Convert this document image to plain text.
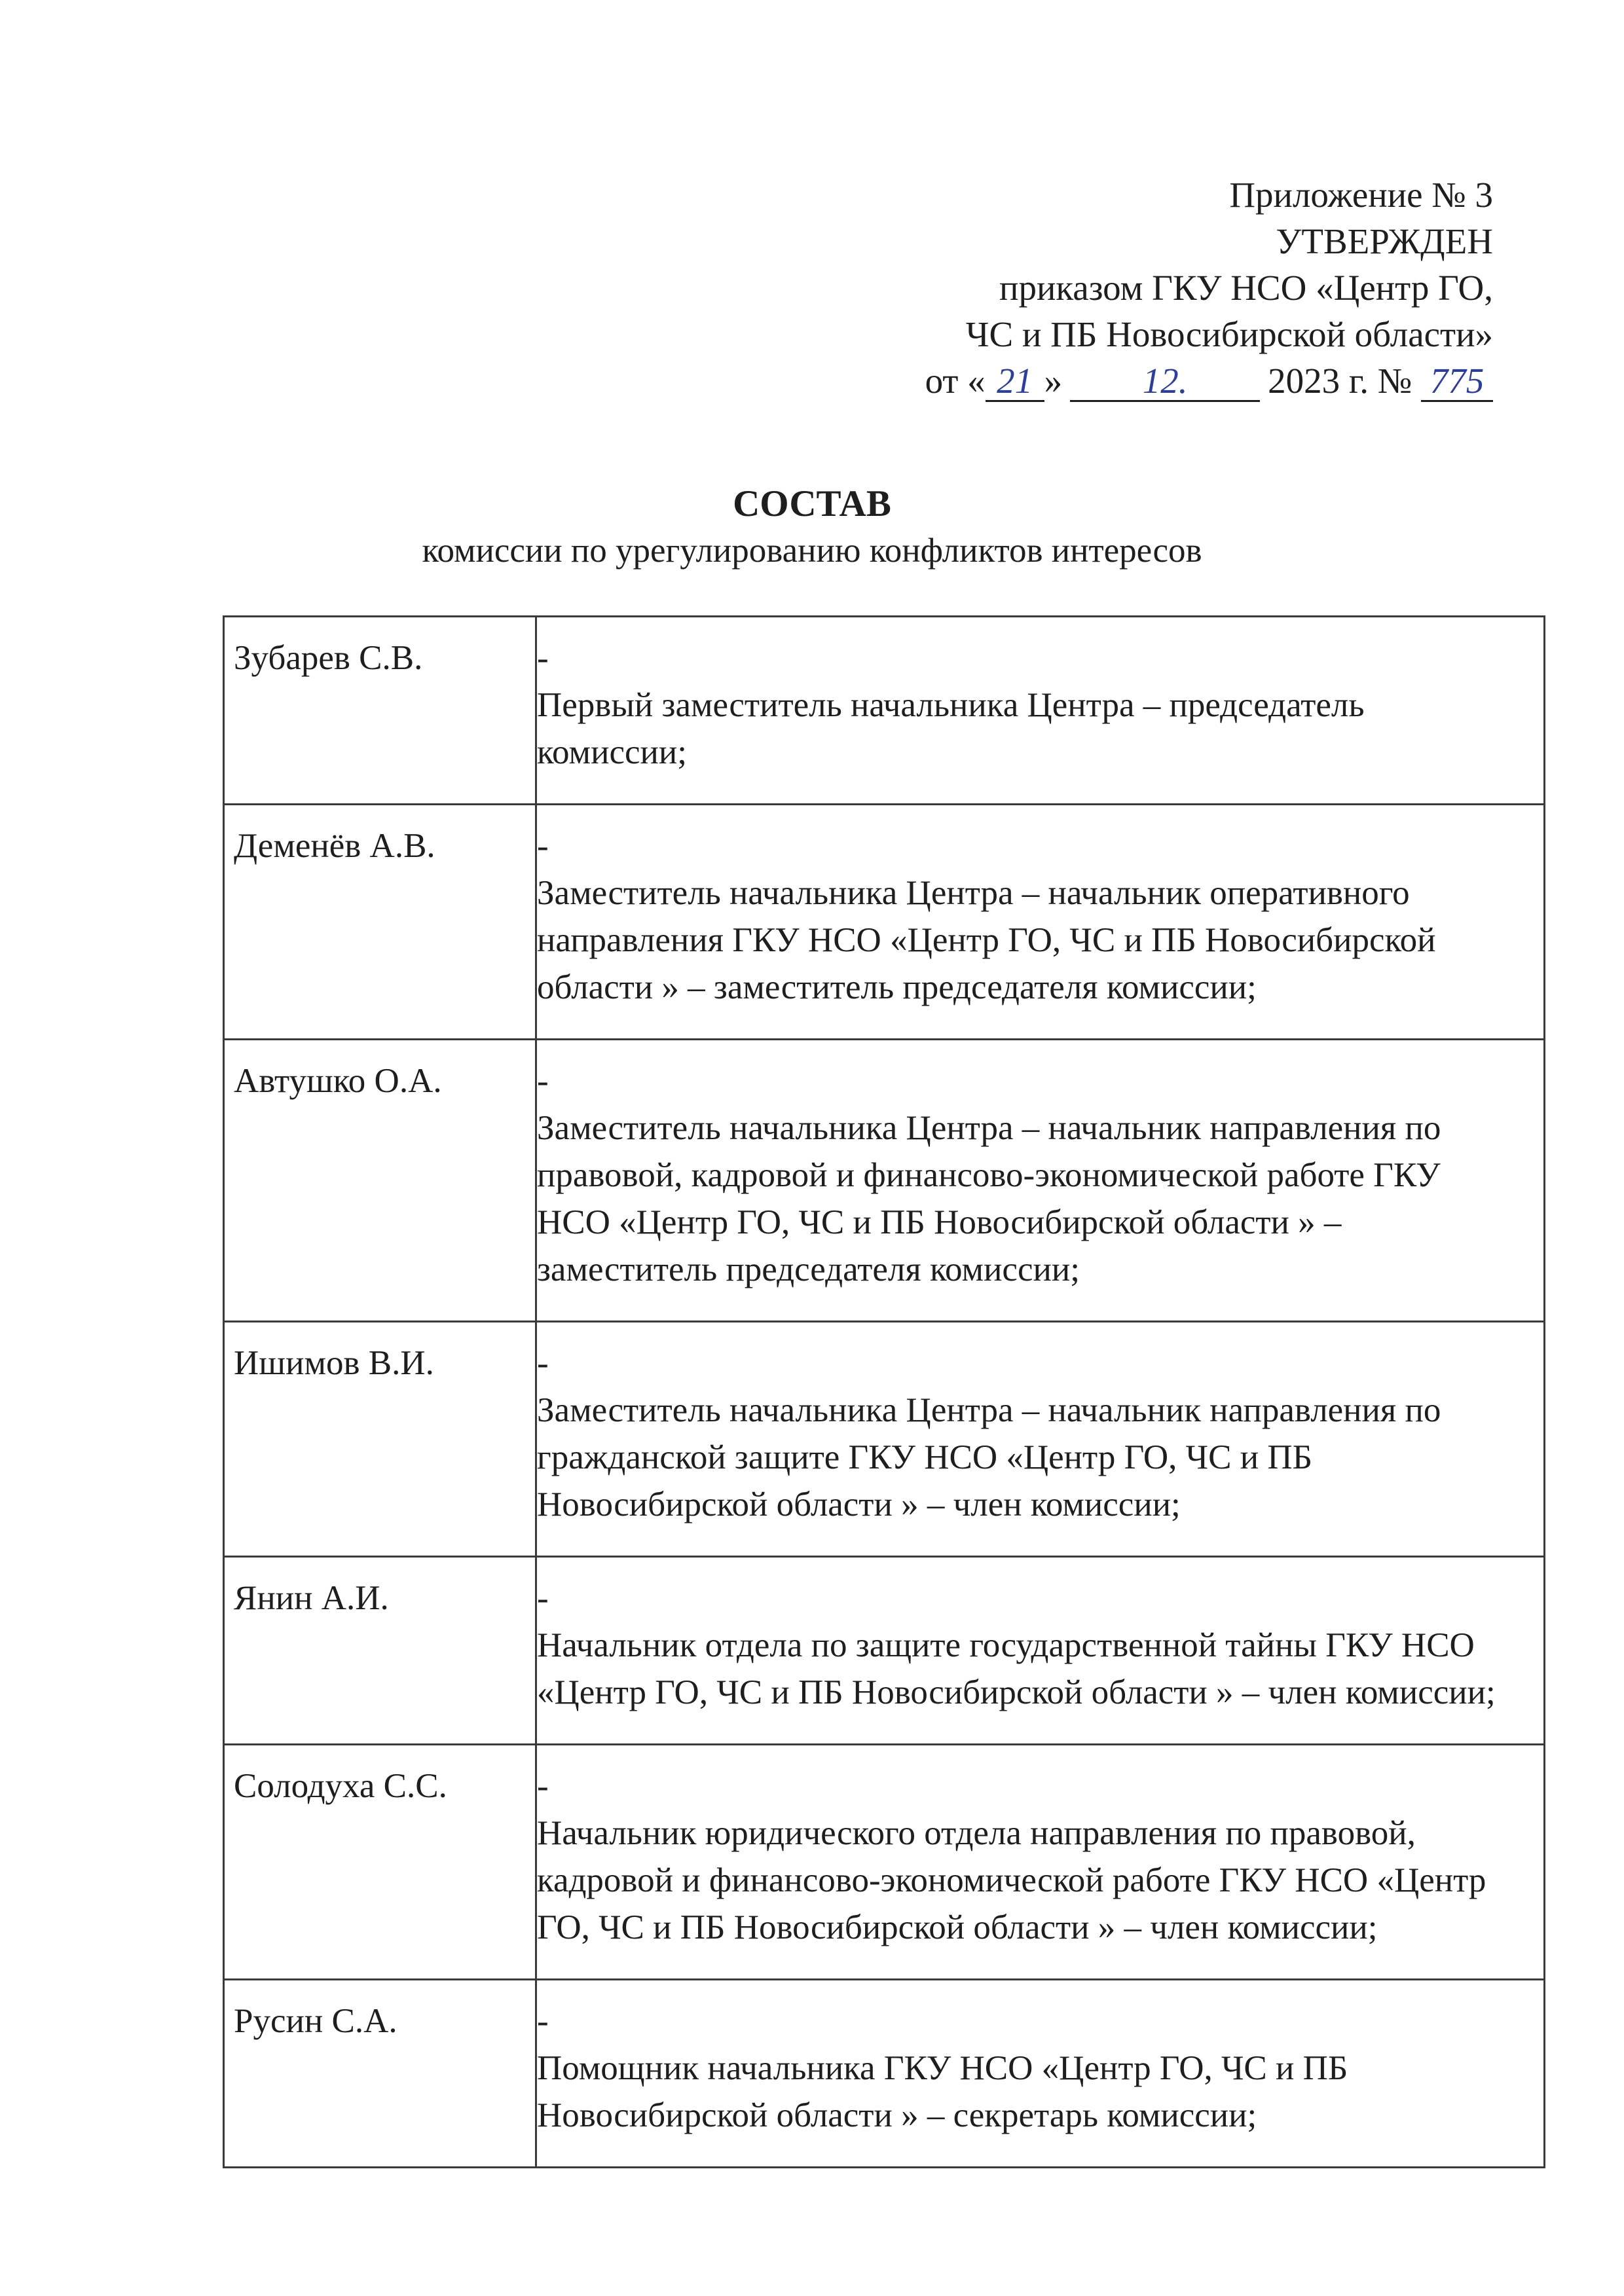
Приложение № 3
УТВЕРЖДЕН
приказом ГКУ НСО «Центр ГО,
ЧС и ПБ Новосибирской области»
от « 21 » 12. 2023 г. № 775
СОСТАВ
комиссии по урегулированию конфликтов интересов
Зубарев С.В.	-Первый заместитель начальника Центра – председатель комиссии;
Деменёв А.В.	-Заместитель начальника Центра – начальник оперативного направления ГКУ НСО «Центр ГО, ЧС и ПБ Новосибирской области » – заместитель председателя комиссии;
Автушко О.А.	-Заместитель начальника Центра – начальник направления по правовой, кадровой и финансово-экономической работе ГКУ НСО «Центр ГО, ЧС и ПБ Новосибирской области » – заместитель председателя комиссии;
Ишимов В.И.	-Заместитель начальника Центра – начальник направления по гражданской защите ГКУ НСО «Центр ГО, ЧС и ПБ Новосибирской области » – член комиссии;
Янин А.И.	-Начальник отдела по защите государственной тайны ГКУ НСО «Центр ГО, ЧС и ПБ Новосибирской области » – член комиссии;
Солодуха С.С.	-Начальник юридического отдела направления по правовой, кадровой и финансово-экономической работе ГКУ НСО «Центр ГО, ЧС и ПБ Новосибирской области » – член комиссии;
Русин С.А.	-Помощник начальника ГКУ НСО «Центр ГО, ЧС и ПБ Новосибирской области » – секретарь комиссии;
